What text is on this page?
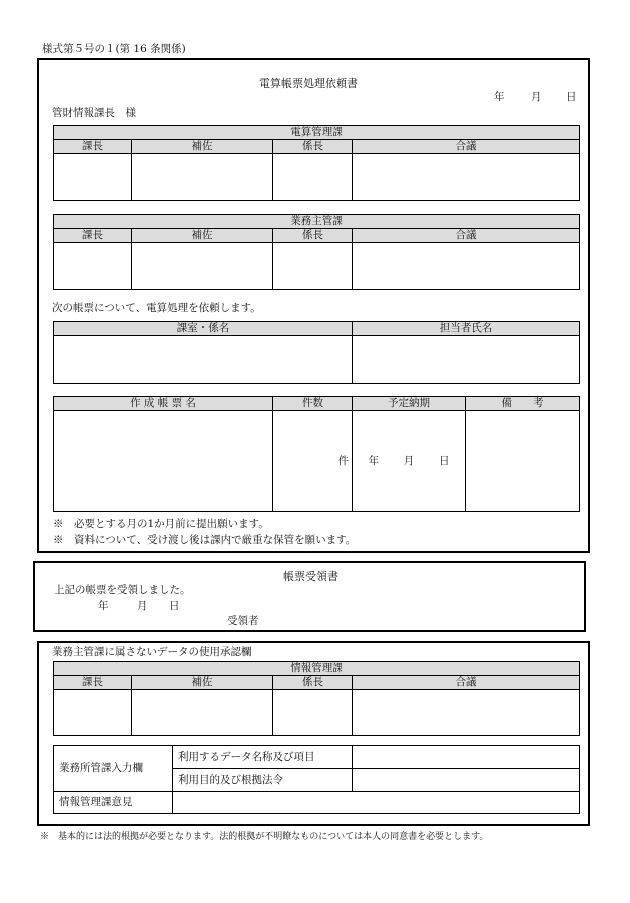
様式第５号の１(第 16 条関係)
電算帳票処理依頼書
年	月 日
管財情報課長　様
電算管理課			
課長	補佐	係長	合議

業務主管課			
課長	補佐	係長	合議

次の帳票について、電算処理を依頼します。
課室・係名	担当者氏名

作 成 帳 票 名	件数	予定納期	備　　考
	件	年 月 日	
※　必要とする月の1か月前に提出願います。
※　資料について、受け渡し後は課内で厳重な保管を願います。
帳票受領書
上記の帳票を受領しました。
年	月 日
受領者
業務主管課に属さないデータの使用承認欄
情報管理課			
課長	補佐	係長	合議

業務所管課入力欄	利用するデータ名称及び項目	
	利用目的及び根拠法令	
情報管理課意見		
※　基本的には法的根拠が必要となります。法的根拠が不明瞭なものについては本人の同意書を必要とします。
